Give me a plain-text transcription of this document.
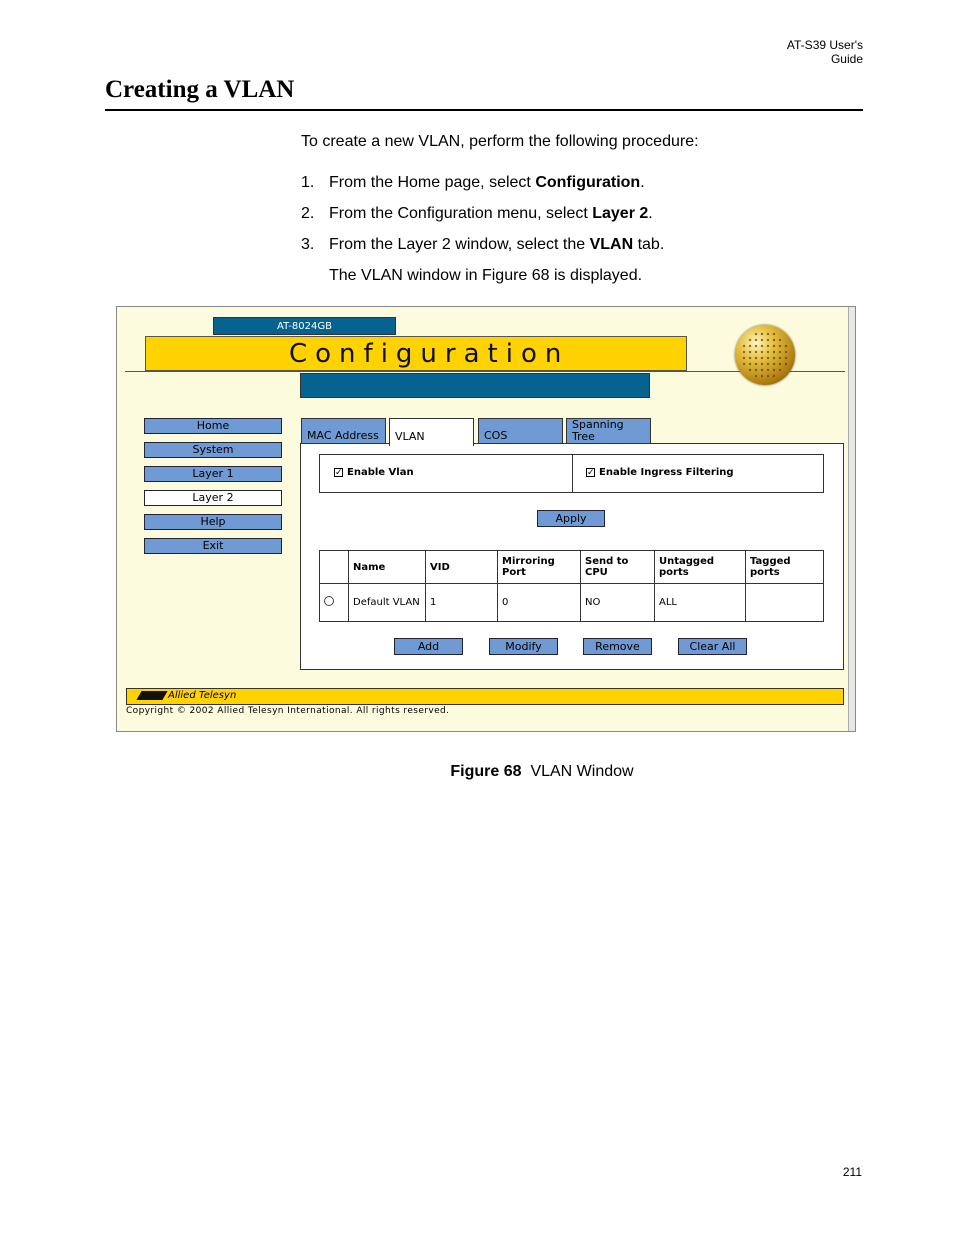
AT-S39 User's Guide
Creating a VLAN
To create a new VLAN, perform the following procedure:
1. From the Home page, select Configuration.
2. From the Configuration menu, select Layer 2.
3. From the Layer 2 window, select the VLAN tab.
The VLAN window in Figure 68 is displayed.
AT-8024GB
Configuration
Home
System
Layer 1
Layer 2
Help
Exit
MAC Address	VLAN	COS
Spanning
Tree
✓ Enable Vlan	✓ Enable Ingress Filtering
Apply
	Name	VID	Mirroring Port	Send to CPU	Untagged ports	Tagged ports
	Default VLAN	1	0	NO	ALL	
Add	Modify	Remove	Clear All
Allied Telesyn
Copyright © 2002 Allied Telesyn International. All rights reserved.
Figure 68 VLAN Window
211
